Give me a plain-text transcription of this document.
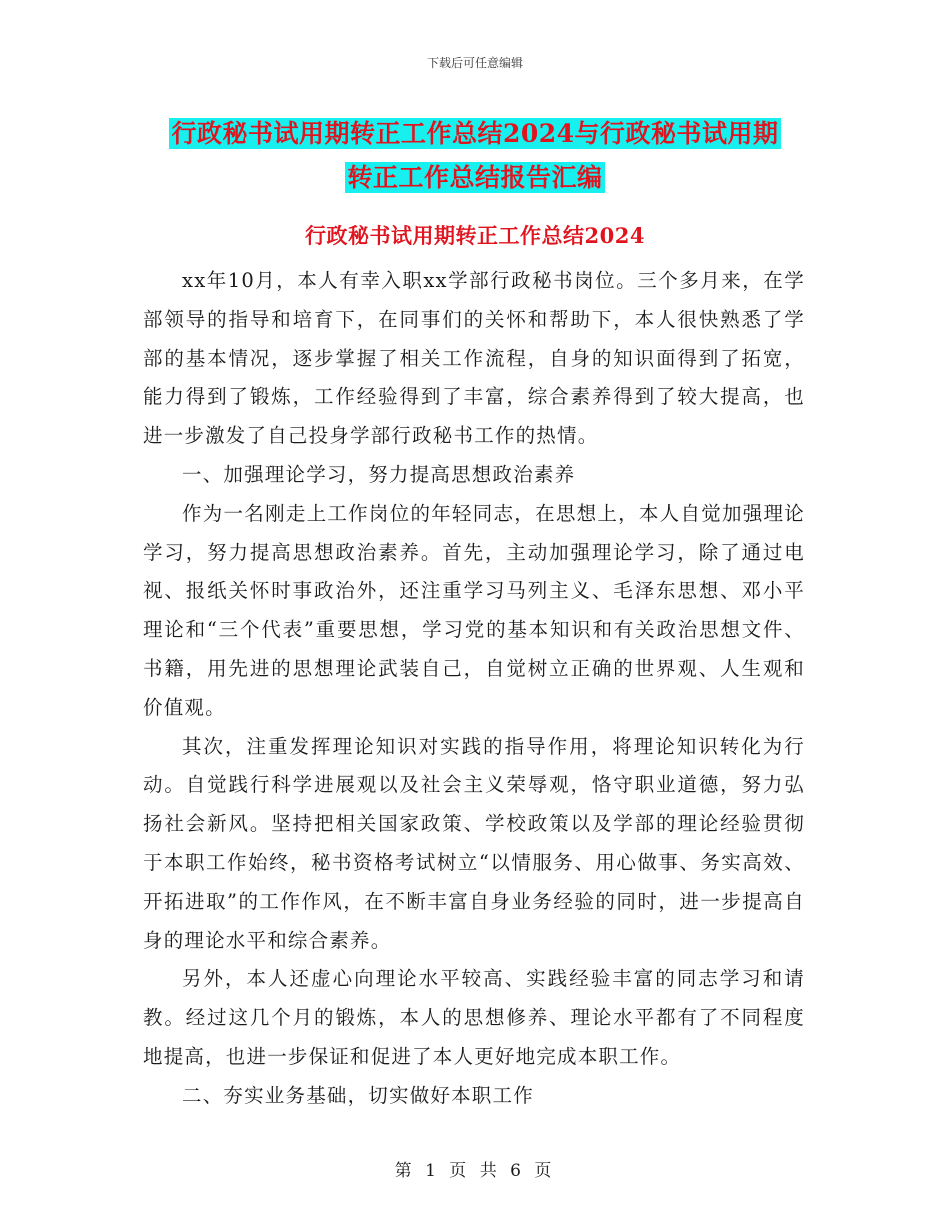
下载后可任意编辑
行政秘书试用期转正工作总结2024与行政秘书试用期
转正工作总结报告汇编
行政秘书试用期转正工作总结2024

xx年10月，本人有幸入职xx学部行政秘书岗位。三个多月来，在学部领导的指导和培育下，在同事们的关怀和帮助下，本人很快熟悉了学部的基本情况，逐步掌握了相关工作流程，自身的知识面得到了拓宽，能力得到了锻炼，工作经验得到了丰富，综合素养得到了较大提高，也进一步激发了自己投身学部行政秘书工作的热情。

一、加强理论学习，努力提高思想政治素养

作为一名刚走上工作岗位的年轻同志，在思想上，本人自觉加强理论学习，努力提高思想政治素养。首先，主动加强理论学习，除了通过电视、报纸关怀时事政治外，还注重学习马列主义、毛泽东思想、邓小平理论和“三个代表”重要思想，学习党的基本知识和有关政治思想文件、书籍，用先进的思想理论武装自己，自觉树立正确的世界观、人生观和价值观。

其次，注重发挥理论知识对实践的指导作用，将理论知识转化为行动。自觉践行科学进展观以及社会主义荣辱观，恪守职业道德，努力弘扬社会新风。坚持把相关国家政策、学校政策以及学部的理论经验贯彻于本职工作始终，秘书资格考试树立“以情服务、用心做事、务实高效、开拓进取”的工作作风，在不断丰富自身业务经验的同时，进一步提高自身的理论水平和综合素养。

另外，本人还虚心向理论水平较高、实践经验丰富的同志学习和请教。经过这几个月的锻炼，本人的思想修养、理论水平都有了不同程度地提高，也进一步保证和促进了本人更好地完成本职工作。

二、夯实业务基础，切实做好本职工作

第 1 页 共 6 页
